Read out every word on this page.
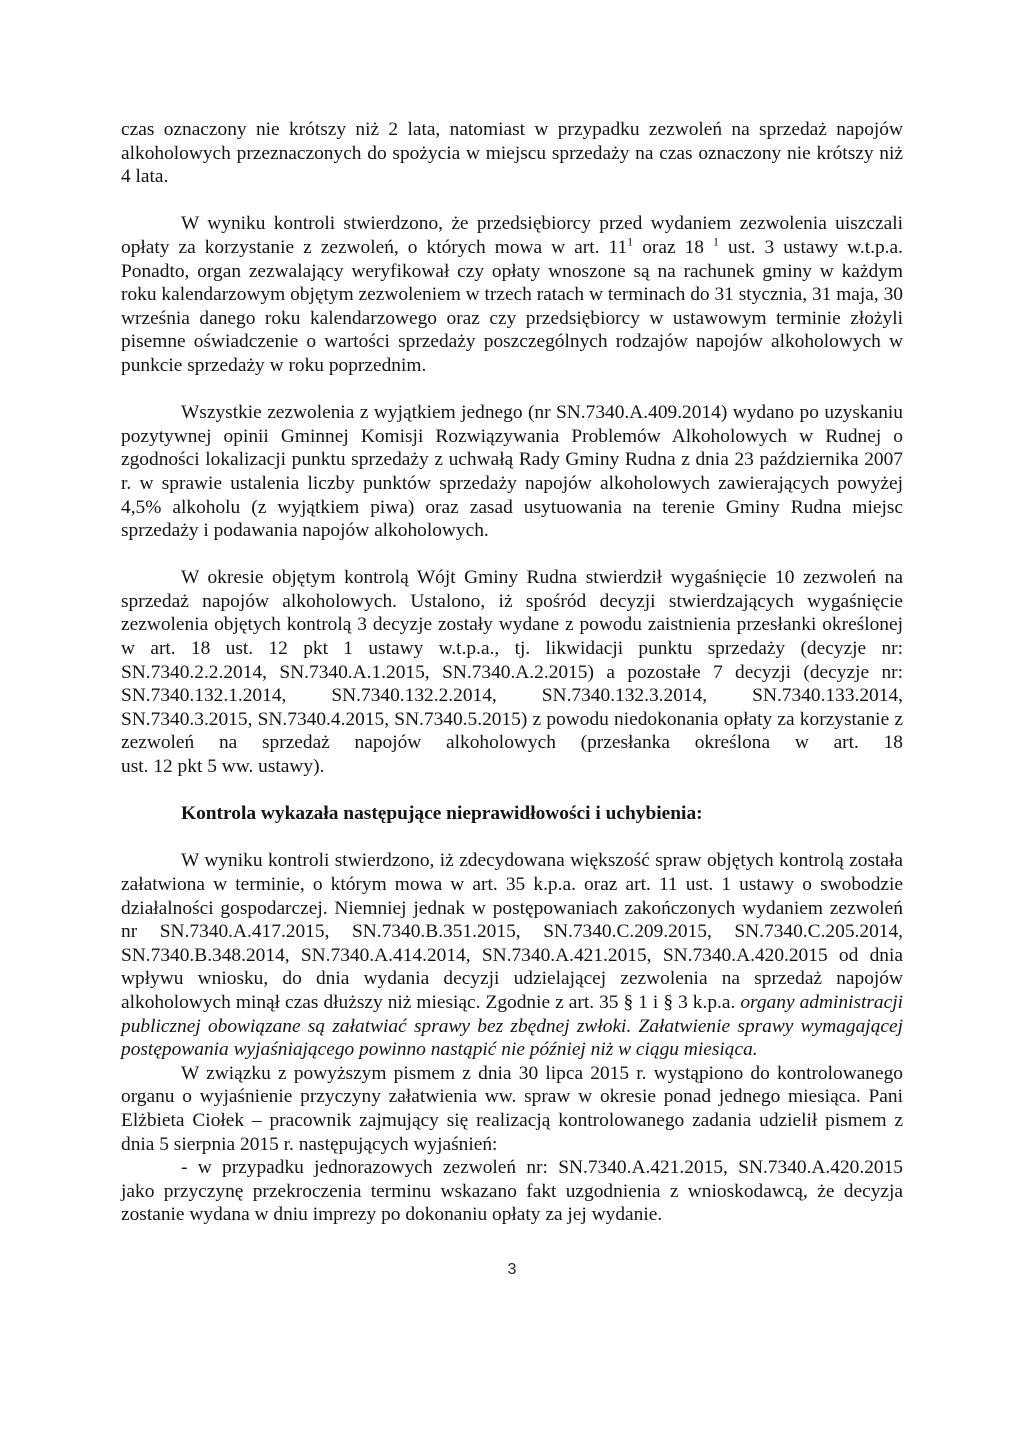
czas oznaczony nie krótszy niż 2 lata, natomiast w przypadku zezwoleń na sprzedaż napojów alkoholowych przeznaczonych do spożycia w miejscu sprzedaży na czas oznaczony nie krótszy niż 4 lata.

W wyniku kontroli stwierdzono, że przedsiębiorcy przed wydaniem zezwolenia uiszczali opłaty za korzystanie z zezwoleń, o których mowa w art. $11^1$ oraz 18 $^1$ ust. 3 ustawy w.t.p.a. Ponadto, organ zezwalający weryfikował czy opłaty wnoszone są na rachunek gminy w każdym roku kalendarzowym objętym zezwoleniem w trzech ratach w terminach do 31 stycznia, 31 maja, 30 września danego roku kalendarzowego oraz czy przedsiębiorcy w ustawowym terminie złożyli pisemne oświadczenie o wartości sprzedaży poszczególnych rodzajów napojów alkoholowych w punkcie sprzedaży w roku poprzednim.

Wszystkie zezwolenia z wyjątkiem jednego (nr SN.7340.A.409.2014) wydano po uzyskaniu pozytywnej opinii Gminnej Komisji Rozwiązywania Problemów Alkoholowych w Rudnej o zgodności lokalizacji punktu sprzedaży z uchwałą Rady Gminy Rudna z dnia 23 października 2007 r. w sprawie ustalenia liczby punktów sprzedaży napojów alkoholowych zawierających powyżej 4,5% alkoholu (z wyjątkiem piwa) oraz zasad usytuowania na terenie Gminy Rudna miejsc sprzedaży i podawania napojów alkoholowych.

W okresie objętym kontrolą Wójt Gminy Rudna stwierdził wygaśnięcie 10 zezwoleń na sprzedaż napojów alkoholowych. Ustalono, iż spośród decyzji stwierdzających wygaśnięcie zezwolenia objętych kontrolą 3 decyzje zostały wydane z powodu zaistnienia przesłanki określonej w art. 18 ust. 12 pkt 1 ustawy w.t.p.a., tj. likwidacji punktu sprzedaży (decyzje nr: SN.7340.2.2.2014, SN.7340.A.1.2015, SN.7340.A.2.2015) a pozostałe 7 decyzji (decyzje nr: SN.7340.132.1.2014, SN.7340.132.2.2014, SN.7340.132.3.2014, SN.7340.133.2014, SN.7340.3.2015, SN.7340.4.2015, SN.7340.5.2015) z powodu niedokonania opłaty za korzystanie z zezwoleń na sprzedaż napojów alkoholowych (przesłanka określona w art. 18

ust. 12 pkt 5 ww. ustawy).

Kontrola wykazała następujące nieprawidłowości i uchybienia:

W wyniku kontroli stwierdzono, iż zdecydowana większość spraw objętych kontrolą została załatwiona w terminie, o którym mowa w art. 35 k.p.a. oraz art. 11 ust. 1 ustawy o swobodzie działalności gospodarczej. Niemniej jednak w postępowaniach zakończonych wydaniem zezwoleń nr SN.7340.A.417.2015, SN.7340.B.351.2015, SN.7340.C.209.2015, SN.7340.C.205.2014, SN.7340.B.348.2014, SN.7340.A.414.2014, SN.7340.A.421.2015, SN.7340.A.420.2015 od dnia wpływu wniosku, do dnia wydania decyzji udzielającej zezwolenia na sprzedaż napojów alkoholowych minął czas dłuższy niż miesiąc. Zgodnie z art. 35 § 1 i § 3 k.p.a. organy administracji publicznej obowiązane są załatwiać sprawy bez zbędnej zwłoki. Załatwienie sprawy wymagającej postępowania wyjaśniającego powinno nastąpić nie później niż w ciągu miesiąca.

W związku z powyższym pismem z dnia 30 lipca 2015 r. wystąpiono do kontrolowanego organu o wyjaśnienie przyczyny załatwienia ww. spraw w okresie ponad jednego miesiąca. Pani Elżbieta Ciołek – pracownik zajmujący się realizacją kontrolowanego zadania udzielił pismem z dnia 5 sierpnia 2015 r. następujących wyjaśnień:

- w przypadku jednorazowych zezwoleń nr: SN.7340.A.421.2015, SN.7340.A.420.2015 jako przyczynę przekroczenia terminu wskazano fakt uzgodnienia z wnioskodawcą, że decyzja zostanie wydana w dniu imprezy po dokonaniu opłaty za jej wydanie.

3
